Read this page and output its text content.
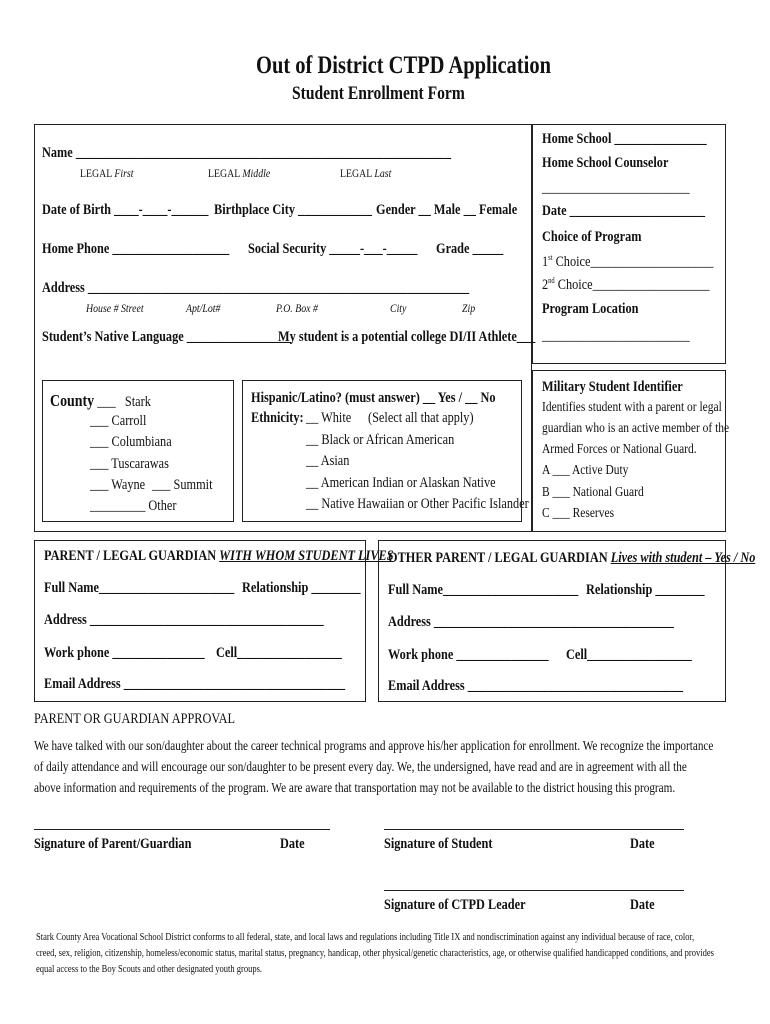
Out of District CTPD Application
Student Enrollment Form
Name _____________________________________________________________
LEGAL First	LEGAL Middle	LEGAL Last
Date of Birth ____-____-______ Birthplace City ____________ Gender __ Male __ Female
Home Phone ___________________ Social Security _____-___-_____ Grade _____
Address ______________________________________________________________
House # Street	Apt/Lot#	P.O. Box #	City	Zip
Student’s Native Language _________________
My student is a potential college DI/II Athlete___
Home School _______________
Home School Counselor
________________________
Date ______________________
Choice of Program
1st Choice____________________
2nd Choice___________________
Program Location
________________________
County ___ Stark
___ Carroll
___ Columbiana
___ Tuscarawas
___ Wayne ___ Summit
_________ Other
Hispanic/Latino? (must answer) __ Yes / __ No
Ethnicity: __ White (Select all that apply)
__ Black or African American
__ Asian
__ American Indian or Alaskan Native
__ Native Hawaiian or Other Pacific Islander
Military Student Identifier
Identifies student with a parent or legal
guardian who is an active member of the
Armed Forces or National Guard.
A ___ Active Duty
B ___ National Guard
C ___ Reserves
PARENT / LEGAL GUARDIAN WITH WHOM STUDENT LIVES
Full Name______________________ Relationship ________
Address ______________________________________
Work phone _______________ Cell_________________
Email Address ____________________________________
OTHER PARENT / LEGAL GUARDIAN Lives with student – Yes / No
Full Name______________________ Relationship ________
Address _______________________________________
Work phone _______________ Cell_________________
Email Address ___________________________________
PARENT OR GUARDIAN APPROVAL
We have talked with our son/daughter about the career technical programs and approve his/her application for enrollment. We recognize the importance of daily attendance and will encourage our son/daughter to be present every day. We, the undersigned, have read and are in agreement with all the above information and requirements of the program. We are aware that transportation may not be available to the district housing this program.
Signature of Parent/Guardian	Date	Signature of Student	Date
Signature of CTPD Leader	Date
Stark County Area Vocational School District conforms to all federal, state, and local laws and regulations including Title IX and nondiscrimination against any individual because of race, color, creed, sex, religion, citizenship, homeless/economic status, marital status, pregnancy, handicap, other physical/genetic characteristics, age, or otherwise qualified handicapped conditions, and provides equal access to the Boy Scouts and other designated youth groups.
